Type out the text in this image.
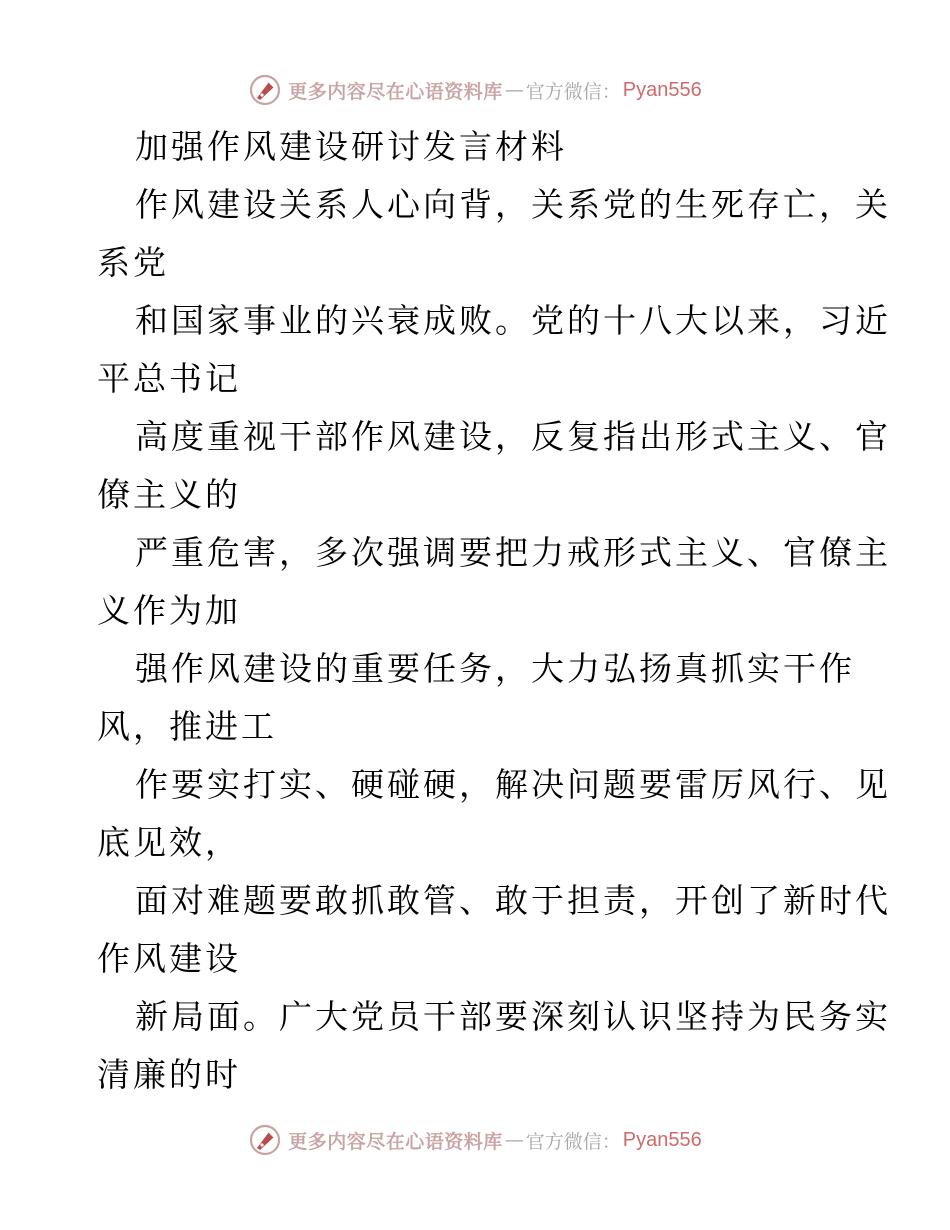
更多内容尽在心语资料库 — 官方微信： Pyan556
加强作风建设研讨发言材料
作风建设关系人心向背，关系党的生死存亡，关
系党
和国家事业的兴衰成败。党的十八大以来，习近
平总书记
高度重视干部作风建设，反复指出形式主义、官
僚主义的
严重危害，多次强调要把力戒形式主义、官僚主
义作为加
强作风建设的重要任务，大力弘扬真抓实干作
风，推进工
作要实打实、硬碰硬，解决问题要雷厉风行、见
底见效，
面对难题要敢抓敢管、敢于担责，开创了新时代
作风建设
新局面。广大党员干部要深刻认识坚持为民务实
清廉的时
更多内容尽在心语资料库 — 官方微信： Pyan556
